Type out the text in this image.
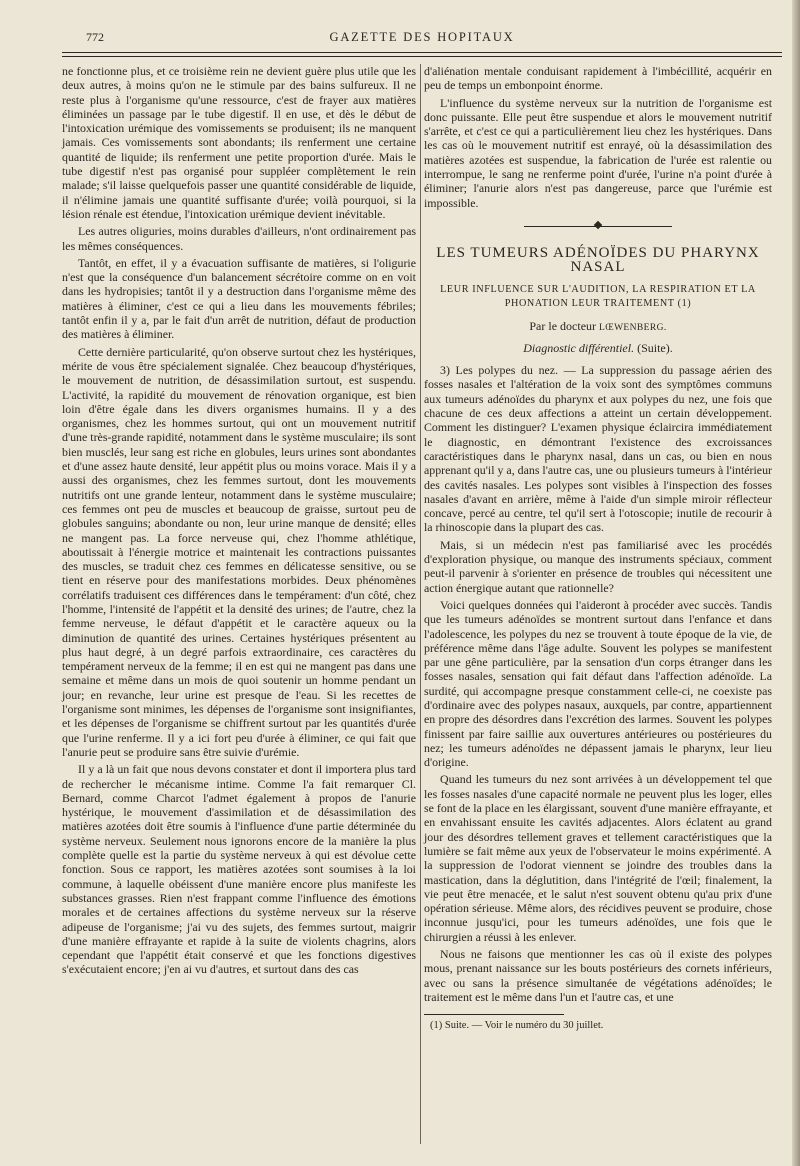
772	GAZETTE DES HOPITAUX

ne fonctionne plus, et ce troisième rein ne devient guère plus utile que les deux autres, à moins qu'on ne le stimule par des bains sulfureux. Il ne reste plus à l'organisme qu'une ressource, c'est de frayer aux matières éliminées un passage par le tube digestif. Il en use, et dès le début de l'intoxication urémique des vomissements se produisent; ils ne manquent jamais. Ces vomissements sont abondants; ils renferment une certaine quantité de liquide; ils renferment une petite proportion d'urée. Mais le tube digestif n'est pas organisé pour suppléer complètement le rein malade; s'il laisse quelquefois passer une quantité considérable de liquide, il n'élimine jamais une quantité suffisante d'urée; voilà pourquoi, si la lésion rénale est étendue, l'intoxication urémique devient inévitable.

Les autres oliguries, moins durables d'ailleurs, n'ont ordinairement pas les mêmes conséquences.

Tantôt, en effet, il y a évacuation suffisante de matières, si l'oligurie n'est que la conséquence d'un balancement sécrétoire comme on en voit dans les hydropisies; tantôt il y a destruction dans l'organisme même des matières à éliminer, c'est ce qui a lieu dans les mouvements fébriles; tantôt enfin il y a, par le fait d'un arrêt de nutrition, défaut de production des matières à éliminer.

Cette dernière particularité, qu'on observe surtout chez les hystériques, mérite de vous être spécialement signalée. Chez beaucoup d'hystériques, le mouvement de nutrition, de désassimilation surtout, est suspendu. L'activité, la rapidité du mouvement de rénovation organique, est bien loin d'être égale dans les divers organismes humains. Il y a des organismes, chez les hommes surtout, qui ont un mouvement nutritif d'une très-grande rapidité, notamment dans le système musculaire; ils sont bien musclés, leur sang est riche en globules, leurs urines sont abondantes et d'une assez haute densité, leur appétit plus ou moins vorace. Mais il y a aussi des organismes, chez les femmes surtout, dont les mouvements nutritifs ont une grande lenteur, notamment dans le système musculaire; ces femmes ont peu de muscles et beaucoup de graisse, surtout peu de globules sanguins; abondante ou non, leur urine manque de densité; elles ne mangent pas. La force nerveuse qui, chez l'homme athlétique, aboutissait à l'énergie motrice et maintenait les contractions puissantes des muscles, se traduit chez ces femmes en délicatesse sensitive, ou se tient en réserve pour des manifestations morbides. Deux phénomènes corrélatifs traduisent ces différences dans le tempérament: d'un côté, chez l'homme, l'intensité de l'appétit et la densité des urines; de l'autre, chez la femme nerveuse, le défaut d'appétit et le caractère aqueux ou la diminution de quantité des urines. Certaines hystériques présentent au plus haut degré, à un degré parfois extraordinaire, ces caractères du tempérament nerveux de la femme; il en est qui ne mangent pas dans une semaine et même dans un mois de quoi soutenir un homme pendant un jour; en revanche, leur urine est presque de l'eau. Si les recettes de l'organisme sont minimes, les dépenses de l'organisme sont insignifiantes, et les dépenses de l'organisme se chiffrent surtout par les quantités d'urée que l'urine renferme. Il y a ici fort peu d'urée à éliminer, ce qui fait que l'anurie peut se produire sans être suivie d'urémie.

Il y a là un fait que nous devons constater et dont il importera plus tard de rechercher le mécanisme intime. Comme l'a fait remarquer Cl. Bernard, comme Charcot l'admet également à propos de l'anurie hystérique, le mouvement d'assimilation et de désassimilation des matières azotées doit être soumis à l'influence d'une partie déterminée du système nerveux. Seulement nous ignorons encore de la manière la plus complète quelle est la partie du système nerveux à qui est dévolue cette fonction. Sous ce rapport, les matières azotées sont soumises à la loi commune, à laquelle obéissent d'une manière encore plus manifeste les substances grasses. Rien n'est frappant comme l'influence des émotions morales et de certaines affections du système nerveux sur la réserve adipeuse de l'organisme; j'ai vu des sujets, des femmes surtout, maigrir d'une manière effrayante et rapide à la suite de violents chagrins, alors cependant que l'appétit était conservé et que les fonctions digestives s'exécutaient encore; j'en ai vu d'autres, et surtout dans des cas

d'aliénation mentale conduisant rapidement à l'imbécillité, acquérir en peu de temps un embonpoint énorme.

L'influence du système nerveux sur la nutrition de l'organisme est donc puissante. Elle peut être suspendue et alors le mouvement nutritif s'arrête, et c'est ce qui a particulièrement lieu chez les hystériques. Dans les cas où le mouvement nutritif est enrayé, où la désassimilation des matières azotées est suspendue, la fabrication de l'urée est ralentie ou interrompue, le sang ne renferme point d'urée, l'urine n'a point d'urée à éliminer; l'anurie alors n'est pas dangereuse, parce que l'urémie est impossible.

LES TUMEURS ADÉNOÏDES DU PHARYNX NASAL
LEUR INFLUENCE SUR L'AUDITION, LA RESPIRATION ET LA PHONATION LEUR TRAITEMENT (1)
Par le docteur LŒWENBERG.
Diagnostic différentiel. (Suite).

3) Les polypes du nez. — La suppression du passage aérien des fosses nasales et l'altération de la voix sont des symptômes communs aux tumeurs adénoïdes du pharynx et aux polypes du nez, une fois que chacune de ces deux affections a atteint un certain développement. Comment les distinguer? L'examen physique éclaircira immédiatement le diagnostic, en démontrant l'existence des excroissances caractéristiques dans le pharynx nasal, dans un cas, ou bien en nous apprenant qu'il y a, dans l'autre cas, une ou plusieurs tumeurs à l'intérieur des cavités nasales. Les polypes sont visibles à l'inspection des fosses nasales d'avant en arrière, même à l'aide d'un simple miroir réflecteur concave, percé au centre, tel qu'il sert à l'otoscopie; inutile de recourir à la rhinoscopie dans la plupart des cas.

Mais, si un médecin n'est pas familiarisé avec les procédés d'exploration physique, ou manque des instruments spéciaux, comment peut-il parvenir à s'orienter en présence de troubles qui nécessitent une action énergique autant que rationnelle?

Voici quelques données qui l'aideront à procéder avec succès. Tandis que les tumeurs adénoïdes se montrent surtout dans l'enfance et dans l'adolescence, les polypes du nez se trouvent à toute époque de la vie, de préférence même dans l'âge adulte. Souvent les polypes se manifestent par une gêne particulière, par la sensation d'un corps étranger dans les fosses nasales, sensation qui fait défaut dans l'affection adénoïde. La surdité, qui accompagne presque constamment celle-ci, ne coexiste pas d'ordinaire avec des polypes nasaux, auxquels, par contre, appartiennent en propre des désordres dans l'excrétion des larmes. Souvent les polypes finissent par faire saillie aux ouvertures antérieures ou postérieures du nez; les tumeurs adénoïdes ne dépassent jamais le pharynx, leur lieu d'origine.

Quand les tumeurs du nez sont arrivées à un développement tel que les fosses nasales d'une capacité normale ne peuvent plus les loger, elles se font de la place en les élargissant, souvent d'une manière effrayante, et en envahissant ensuite les cavités adjacentes. Alors éclatent au grand jour des désordres tellement graves et tellement caractéristiques que la lumière se fait même aux yeux de l'observateur le moins expérimenté. A la suppression de l'odorat viennent se joindre des troubles dans la mastication, dans la déglutition, dans l'intégrité de l'œil; finalement, la vie peut être menacée, et le salut n'est souvent obtenu qu'au prix d'une opération sérieuse. Même alors, des récidives peuvent se produire, chose inconnue jusqu'ici, pour les tumeurs adénoïdes, une fois que le chirurgien a réussi à les enlever.

Nous ne faisons que mentionner les cas où il existe des polypes mous, prenant naissance sur les bouts postérieurs des cornets inférieurs, avec ou sans la présence simultanée de végétations adénoïdes; le traitement est le même dans l'un et l'autre cas, et une

(1) Suite. — Voir le numéro du 30 juillet.
